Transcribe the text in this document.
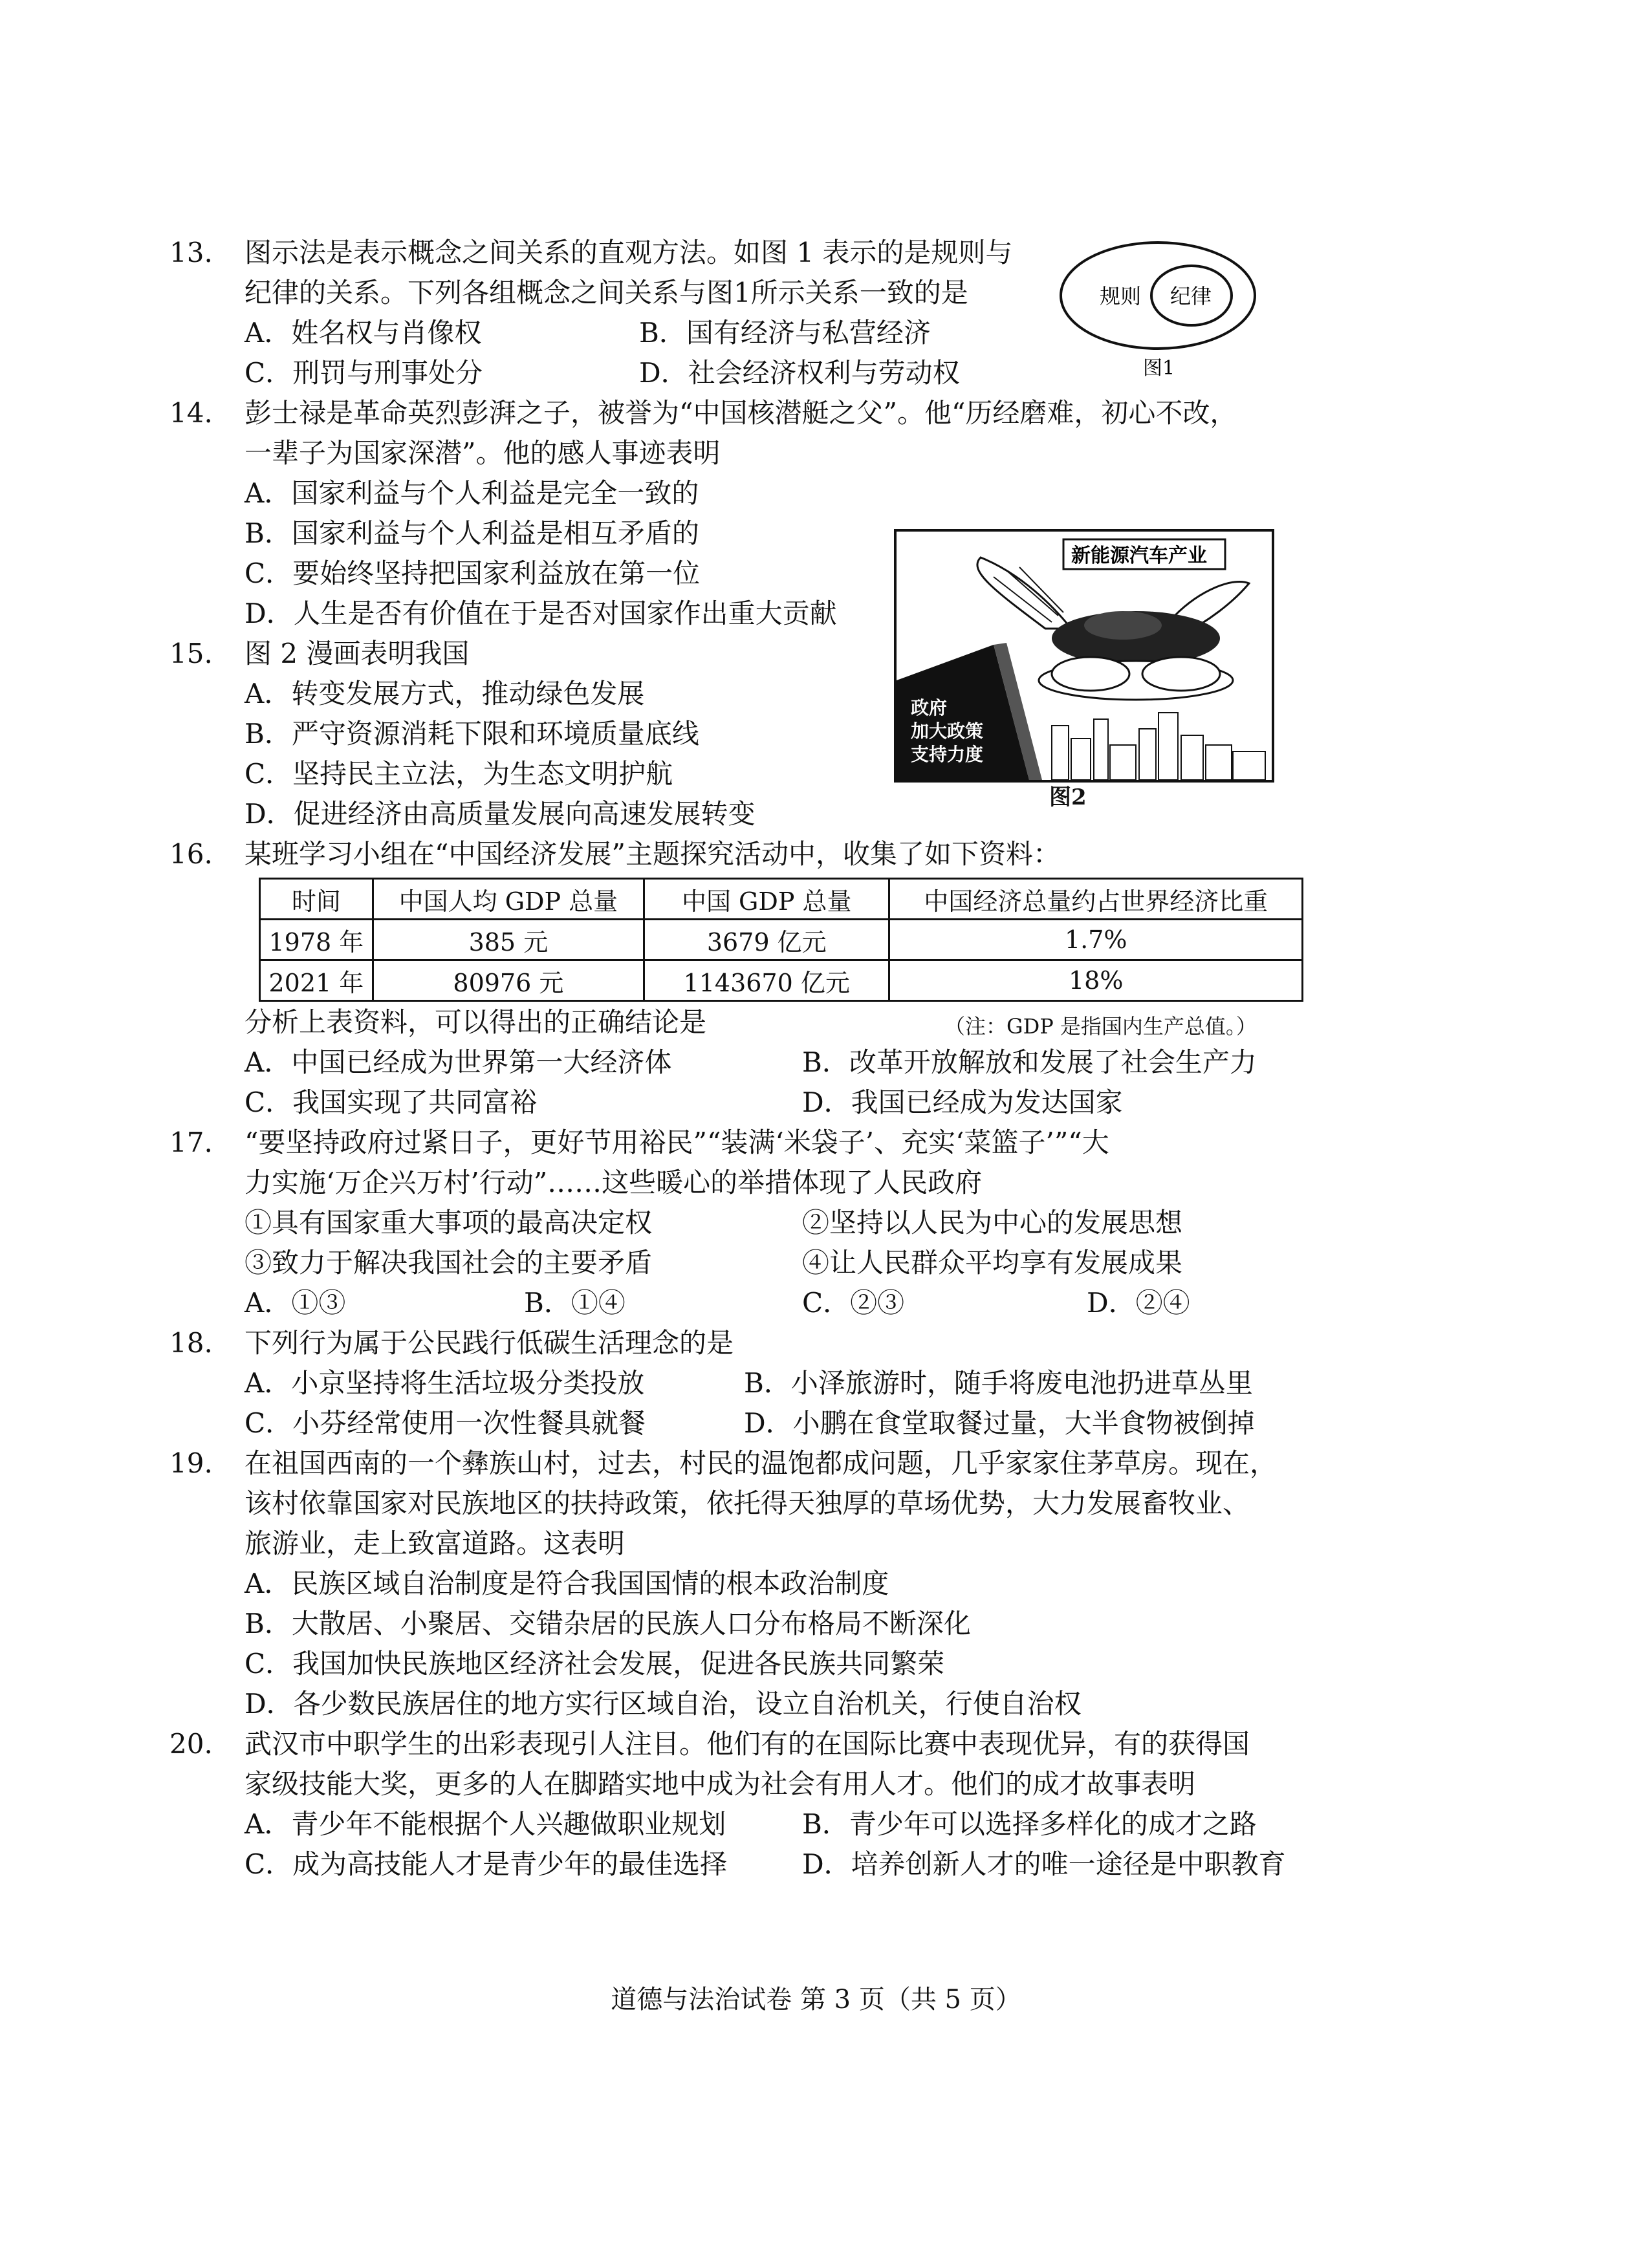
13. 图示法是表示概念之间关系的直观方法。如图 1 表示的是规则与
纪律的关系。下列各组概念之间关系与图1所示关系一致的是
A．姓名权与肖像权	B．国有经济与私营经济
C．刑罚与刑事处分	D．社会经济权利与劳动权
规则 纪律
图1
14. 彭士禄是革命英烈彭湃之子，被誉为“中国核潜艇之父”。他“历经磨难，初心不改，
一辈子为国家深潜”。他的感人事迹表明
A．国家利益与个人利益是完全一致的
B．国家利益与个人利益是相互矛盾的
C．要始终坚持把国家利益放在第一位
D．人生是否有价值在于是否对国家作出重大贡献
新能源汽车产业
政府
加大政策
支持力度
图2
15. 图 2 漫画表明我国
A．转变发展方式，推动绿色发展
B．严守资源消耗下限和环境质量底线
C．坚持民主立法，为生态文明护航
D．促进经济由高质量发展向高速发展转变
16. 某班学习小组在“中国经济发展”主题探究活动中，收集了如下资料：
时间	中国人均 GDP 总量	中国 GDP 总量	中国经济总量约占世界经济比重
1978 年	385 元	3679 亿元	1.7%
2021 年	80976 元	1143670 亿元	18%
分析上表资料，可以得出的正确结论是	（注：GDP 是指国内生产总值。）
A．中国已经成为世界第一大经济体	B．改革开放解放和发展了社会生产力
C．我国实现了共同富裕	D．我国已经成为发达国家
17. “要坚持政府过紧日子，更好节用裕民”“装满‘米袋子’、充实‘菜篮子’”“大
力实施‘万企兴万村’行动”……这些暖心的举措体现了人民政府
①具有国家重大事项的最高决定权	②坚持以人民为中心的发展思想
③致力于解决我国社会的主要矛盾	④让人民群众平均享有发展成果
A．①③	B．①④	C．②③	D．②④
18. 下列行为属于公民践行低碳生活理念的是
A．小京坚持将生活垃圾分类投放	B．小泽旅游时，随手将废电池扔进草丛里
C．小芬经常使用一次性餐具就餐	D．小鹏在食堂取餐过量，大半食物被倒掉
19. 在祖国西南的一个彝族山村，过去，村民的温饱都成问题，几乎家家住茅草房。现在，
该村依靠国家对民族地区的扶持政策，依托得天独厚的草场优势，大力发展畜牧业、
旅游业，走上致富道路。这表明
A．民族区域自治制度是符合我国国情的根本政治制度
B．大散居、小聚居、交错杂居的民族人口分布格局不断深化
C．我国加快民族地区经济社会发展，促进各民族共同繁荣
D．各少数民族居住的地方实行区域自治，设立自治机关，行使自治权
20. 武汉市中职学生的出彩表现引人注目。他们有的在国际比赛中表现优异，有的获得国
家级技能大奖，更多的人在脚踏实地中成为社会有用人才。他们的成才故事表明
A．青少年不能根据个人兴趣做职业规划	B．青少年可以选择多样化的成才之路
C．成为高技能人才是青少年的最佳选择	D．培养创新人才的唯一途径是中职教育
道德与法治试卷 第 3 页（共 5 页）
